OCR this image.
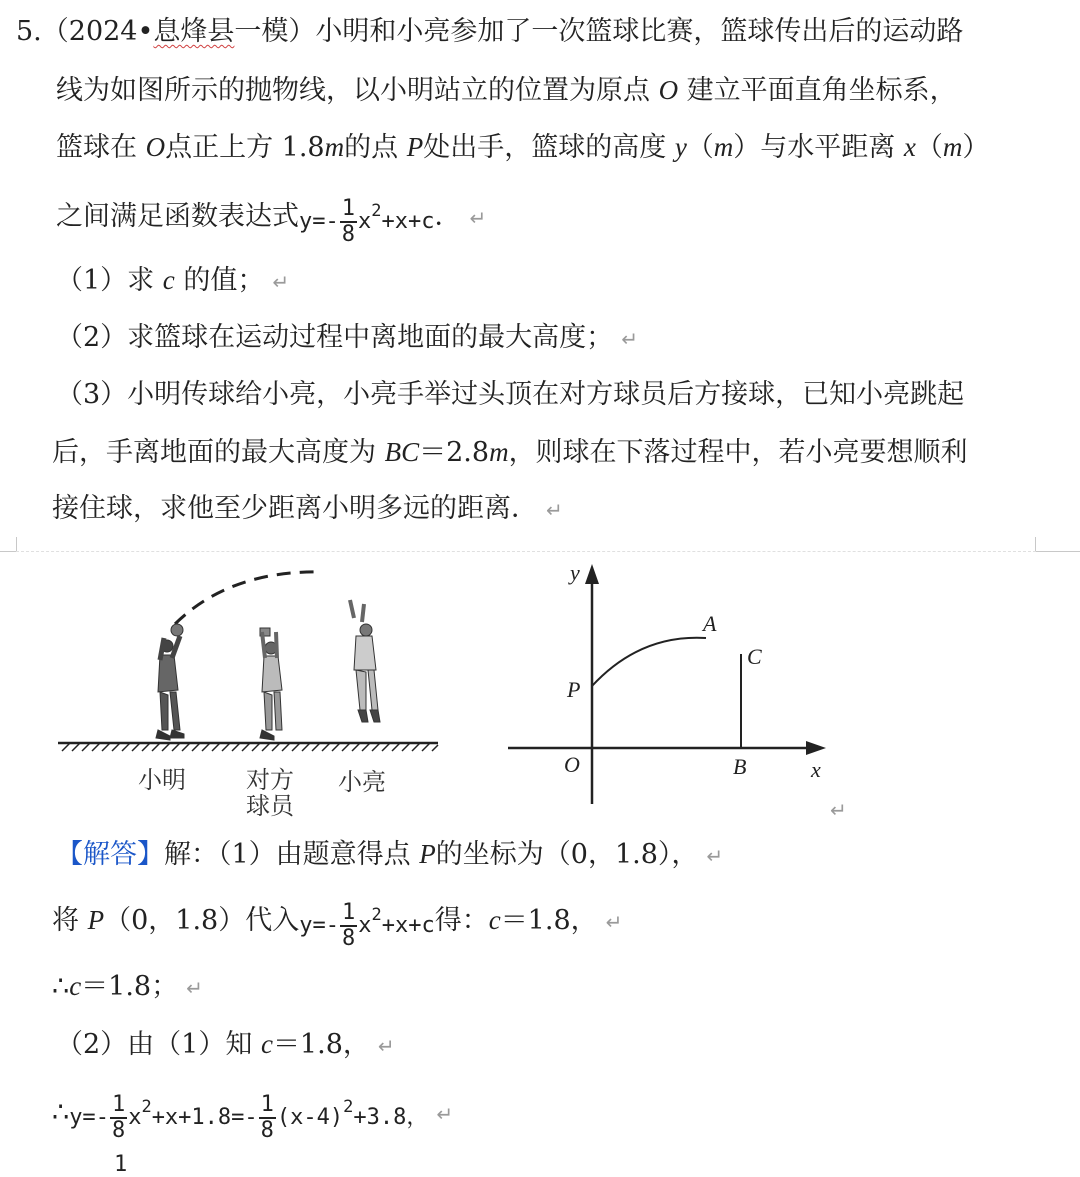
5.（2024•息烽县一模）小明和小亮参加了一次篮球比赛，篮球传出后的运动路
线为如图所示的抛物线，以小明站立的位置为原点 O 建立平面直角坐标系，
篮球在 O点正上方 1.8m的点 P处出手，篮球的高度 y（m）与水平距离 x（m）
之间满足函数表达式$y=- \frac{1}{8} x^2+x+c$． ↵
（1）求 c 的值； ↵
（2）求篮球在运动过程中离地面的最大高度； ↵
（3）小明传球给小亮，小亮手举过头顶在对方球员后方接球，已知小亮跳起
后，手离地面的最大高度为 BC＝2.8m，则球在下落过程中，若小亮要想顺利
接住球，求他至少距离小明多远的距离． ↵
小明	对方
球员
小亮
y
x
O
P
A
B
C
↵
【解答】解：（1）由题意得点 P的坐标为（0，1.8）， ↵
将 P（0，1.8）代入$y=- \frac{1}{8} x^2+x+c$得：c＝1.8， ↵
∴c＝1.8； ↵
（2）由（1）知 c＝1.8， ↵
∴y=- $\frac{1}{8} x^2+x+1.8=- \frac{1}{8} (x-4)^2+3.8$， ↵
1
